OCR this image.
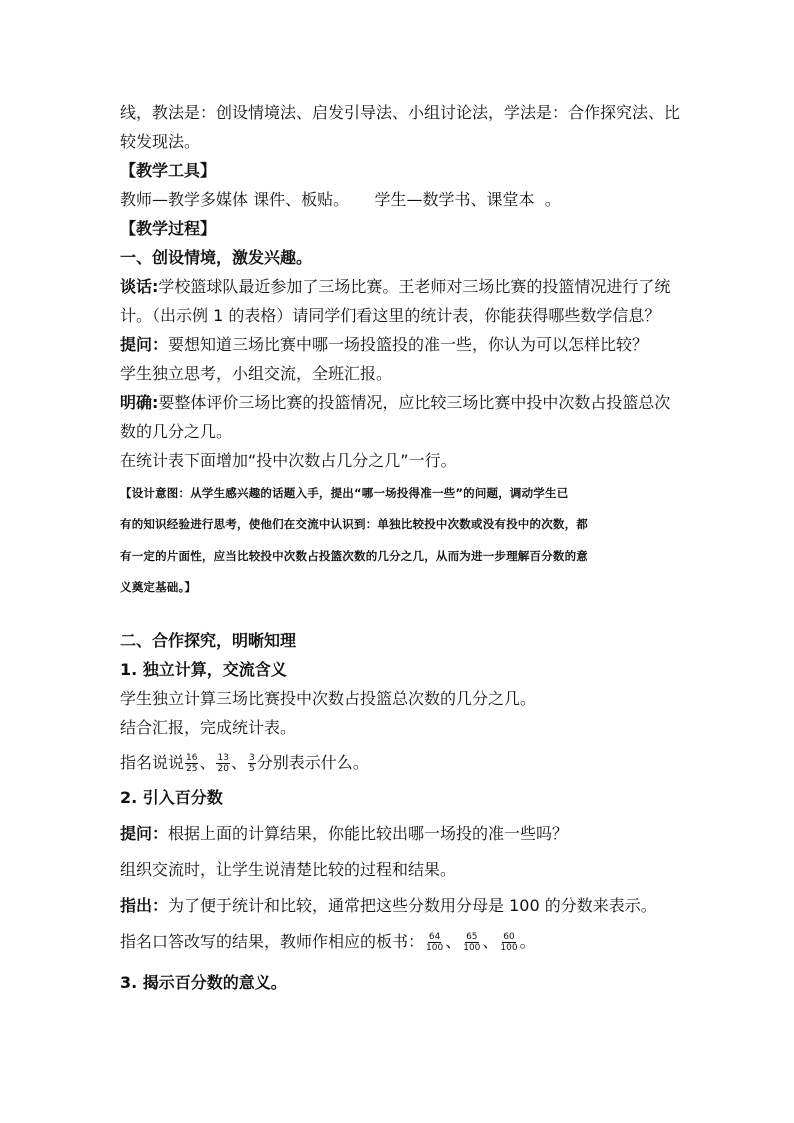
线，教法是：创设情境法、启发引导法、小组讨论法，学法是：合作探究法、比
较发现法。
【教学工具】
教师—教学多媒体 课件、板贴。     学生—数学书、课堂本  。
【教学过程】
一、创设情境，激发兴趣。
谈话:学校篮球队最近参加了三场比赛。王老师对三场比赛的投篮情况进行了统
计。（出示例 1 的表格）请同学们看这里的统计表，你能获得哪些数学信息？
提问：要想知道三场比赛中哪一场投篮投的准一些，你认为可以怎样比较？
学生独立思考，小组交流，全班汇报。
明确:要整体评价三场比赛的投篮情况，应比较三场比赛中投中次数占投篮总次
数的几分之几。
在统计表下面增加“投中次数占几分之几”一行。
【设计意图：从学生感兴趣的话题入手，提出“哪一场投得准一些”的问题，调动学生已
有的知识经验进行思考，使他们在交流中认识到：单独比较投中次数或没有投中的次数，都
有一定的片面性，应当比较投中次数占投篮次数的几分之几，从而为进一步理解百分数的意
义奠定基础。】
二、合作探究，明晰知理
1. 独立计算，交流含义
学生独立计算三场比赛投中次数占投篮总次数的几分之几。
结合汇报，完成统计表。
指名说说 $\frac{16}{25}$ 、 $\frac{13}{20}$ 、 $\frac{3}{5}$ 分别表示什么。
2. 引入百分数
提问：根据上面的计算结果，你能比较出哪一场投的准一些吗？
组织交流时，让学生说清楚比较的过程和结果。
指出：为了便于统计和比较，通常把这些分数用分母是 100 的分数来表示。
指名口答改写的结果，教师作相应的板书： $\frac{64}{100}$ 、 $\frac{65}{100}$ 、 $\frac{60}{100}$ 。
3. 揭示百分数的意义。
